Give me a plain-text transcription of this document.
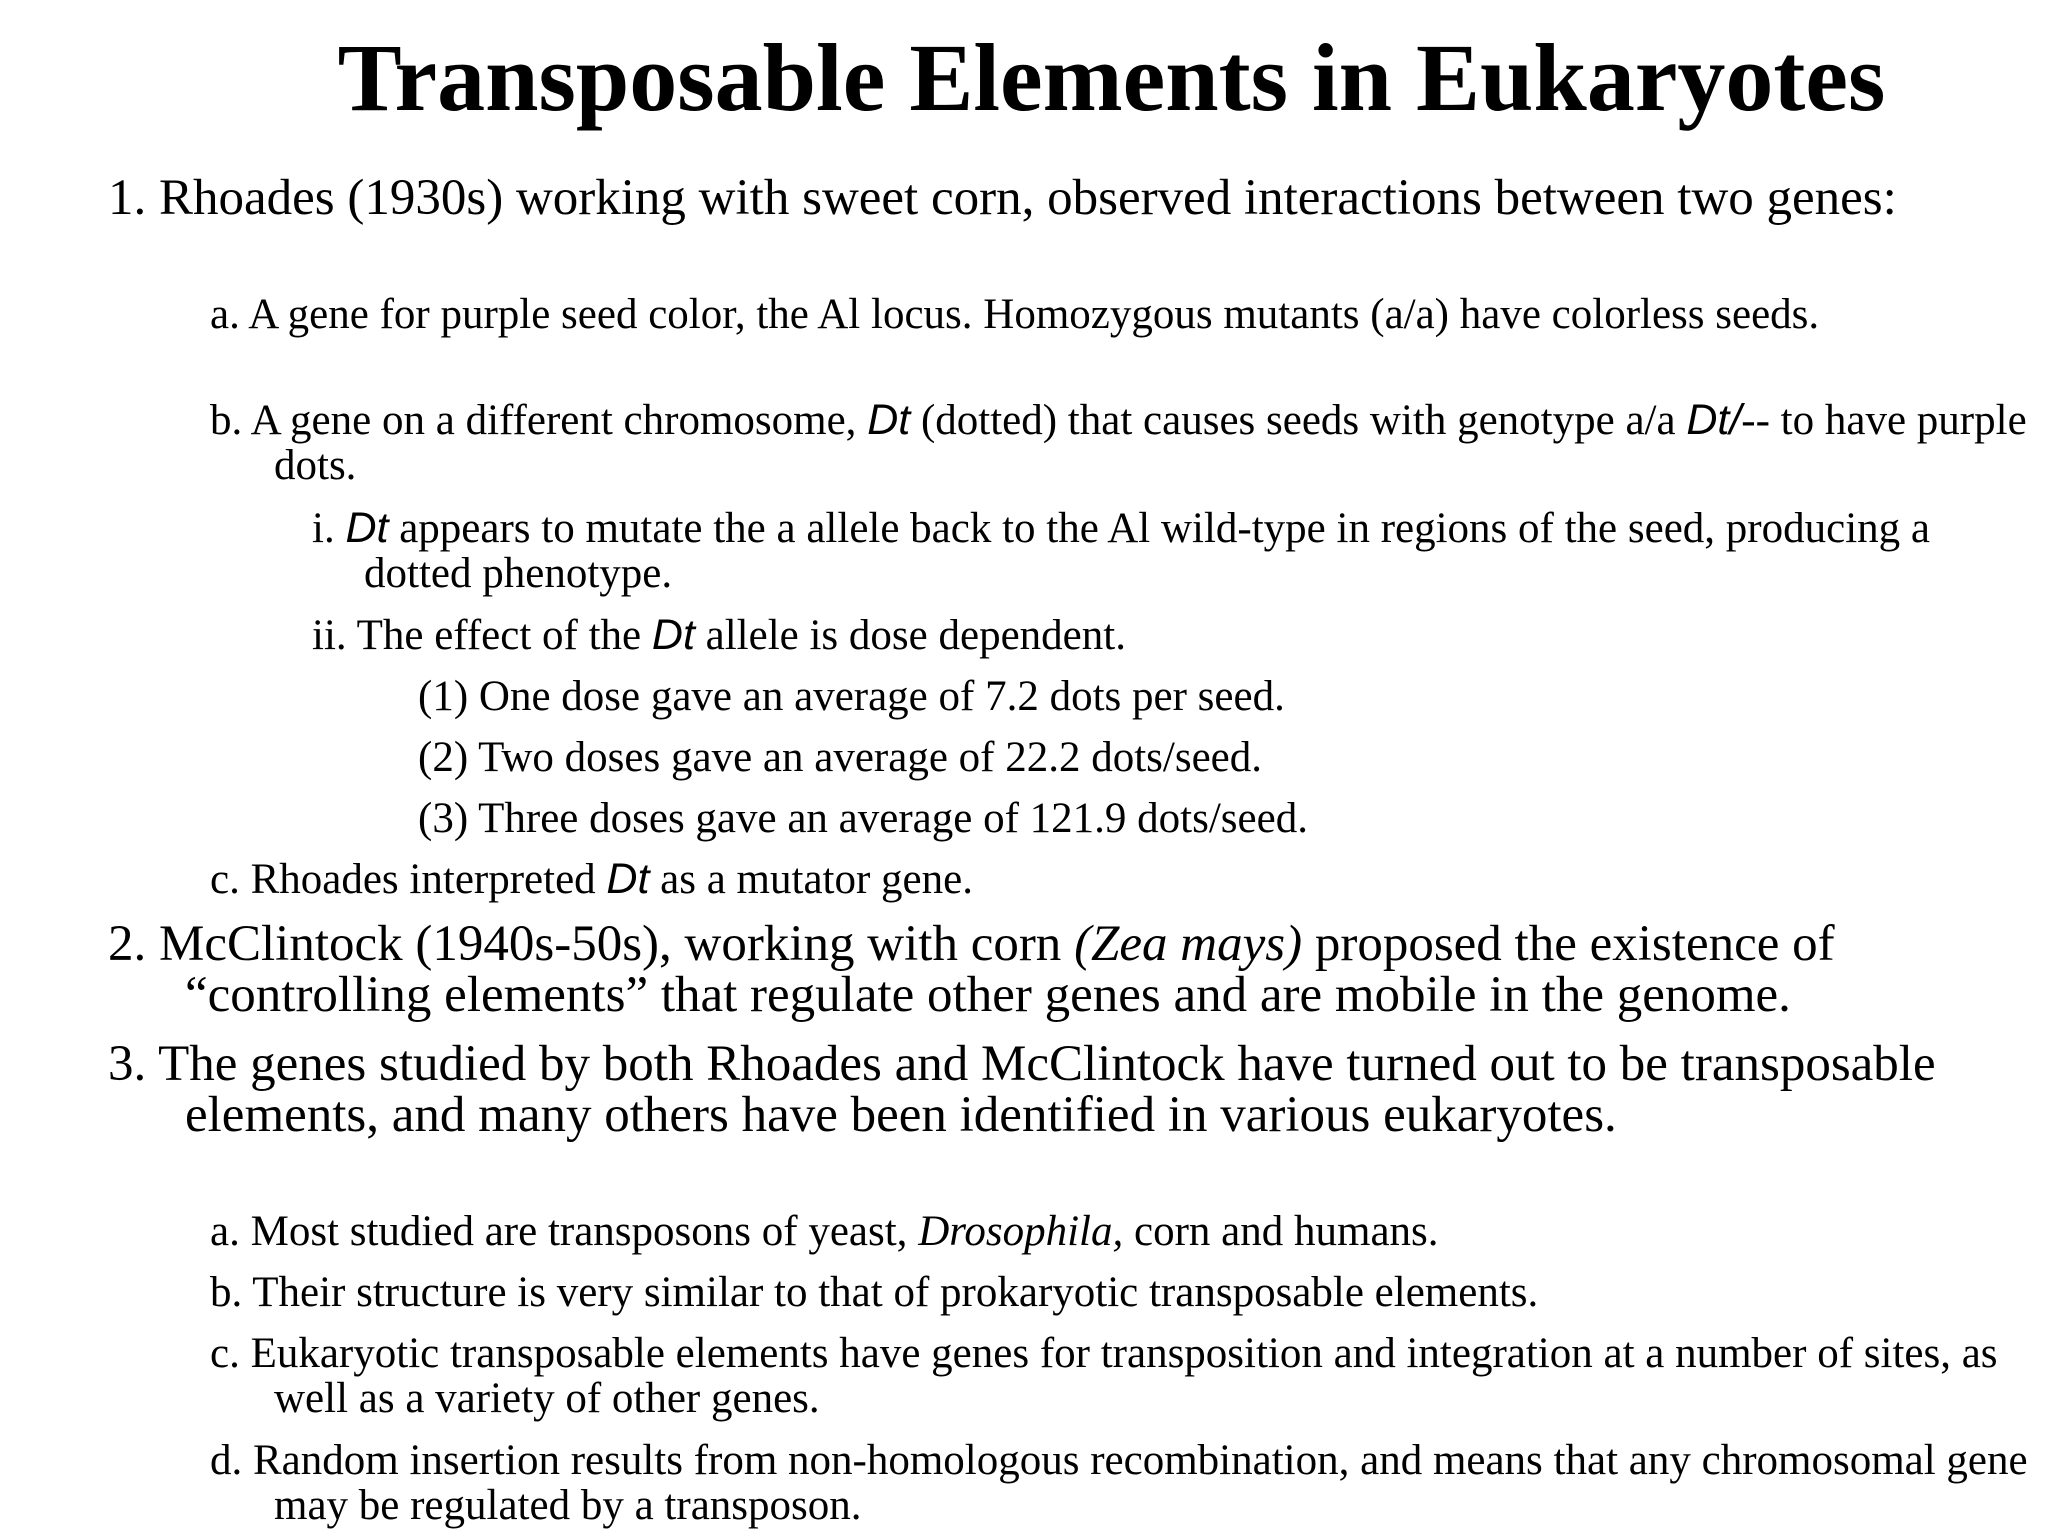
Transposable Elements in Eukaryotes

1. Rhoades (1930s) working with sweet corn, observed interactions between two genes:

a. A gene for purple seed color, the Al locus. Homozygous mutants (a/a) have colorless seeds.

b. A gene on a different chromosome, Dt (dotted) that causes seeds with genotype a/a Dt/-- to have purple dots.

i. Dt appears to mutate the a allele back to the Al wild-type in regions of the seed, producing a dotted phenotype.

ii. The effect of the Dt allele is dose dependent.

(1) One dose gave an average of 7.2 dots per seed.

(2) Two doses gave an average of 22.2 dots/seed.

(3) Three doses gave an average of 121.9 dots/seed.

c. Rhoades interpreted Dt as a mutator gene.

2. McClintock (1940s-50s), working with corn (Zea mays) proposed the existence of “controlling elements” that regulate other genes and are mobile in the genome.

3. The genes studied by both Rhoades and McClintock have turned out to be transposable elements, and many others have been identified in various eukaryotes.

a. Most studied are transposons of yeast, Drosophila, corn and humans.

b. Their structure is very similar to that of prokaryotic transposable elements.

c. Eukaryotic transposable elements have genes for transposition and integration at a number of sites, as well as a variety of other genes.

d. Random insertion results from non-homologous recombination, and means that any chromosomal gene may be regulated by a transposon.
